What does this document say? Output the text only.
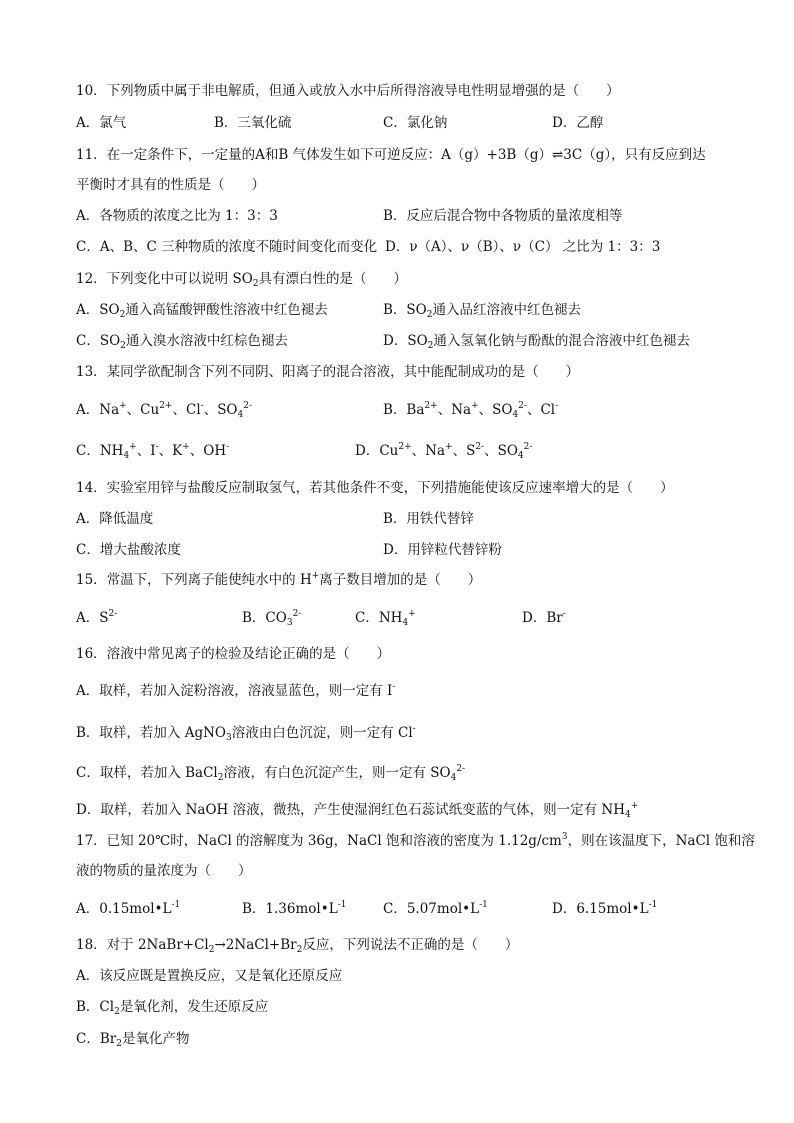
10．下列物质中属于非电解质，但通入或放入水中后所得溶液导电性明显增强的是（　　）
A．氯气	B．三氧化硫	C．氯化钠	D．乙醇
11．在一定条件下，一定量的A和B 气体发生如下可逆反应：A（g）+3B（g）⇌3C（g），只有反应到达
平衡时才具有的性质是（　　）
A．各物质的浓度之比为 1：3：3	B．反应后混合物中各物质的量浓度相等
C．A、B、C 三种物质的浓度不随时间变化而变化 D．ν（A）、ν（B）、ν（C） 之比为 1：3：3
12．下列变化中可以说明 $SO_2$具有漂白性的是（　　）
A．$SO_2$通入高锰酸钾酸性溶液中红色褪去	B．$SO_2$通入品红溶液中红色褪去
C．$SO_2$通入溴水溶液中红棕色褪去	D．$SO_2$通入氢氧化钠与酚酞的混合溶液中红色褪去
13．某同学欲配制含下列不同阴、阳离子的混合溶液，其中能配制成功的是（　　）
A．Na+、$Cu^{2+}$、Cl-、$SO_4^{2-}$	B．$Ba^{2+}$、Na+、$SO_4^{2-}$、Cl-
C．$NH_4^+$、I-、K+、OH-	D．$Cu^{2+}$、Na+、$S^{2-}$、$SO_4^{2-}$
14．实验室用锌与盐酸反应制取氢气，若其他条件不变，下列措施能使该反应速率增大的是（　　）
A．降低温度	B．用铁代替锌
C．增大盐酸浓度	D．用锌粒代替锌粉
15．常温下，下列离子能使纯水中的 H+离子数目增加的是（　　）
A．$S^{2-}$	B．$CO_3^{2-}$	C．$NH_4^+$	D．Br-
16．溶液中常见离子的检验及结论正确的是（　　）
A．取样，若加入淀粉溶液，溶液显蓝色，则一定有 I-
B．取样，若加入 AgNO$_3$溶液由白色沉淀，则一定有 Cl-
C．取样，若加入 BaCl$_2$溶液，有白色沉淀产生，则一定有 $SO_4^{2-}$
D．取样，若加入 NaOH 溶液，微热，产生使湿润红色石蕊试纸变蓝的气体，则一定有 $NH_4^+$
17．已知 20℃时，NaCl 的溶解度为 36g，NaCl 饱和溶液的密度为 $1.12g/cm^3$，则在该温度下，NaCl 饱和溶
液的物质的量浓度为（　　）
A．$0.15mol•L^{-1}$	B．$1.36mol•L^{-1}$	C．$5.07mol•L^{-1}$	D．$6.15mol•L^{-1}$
18．对于 $2NaBr+Cl_2\to 2NaCl+Br_2$反应，下列说法不正确的是（　　）
A．该反应既是置换反应，又是氧化还原反应
B．$Cl_2$是氧化剂，发生还原反应
C．$Br_2$是氧化产物
